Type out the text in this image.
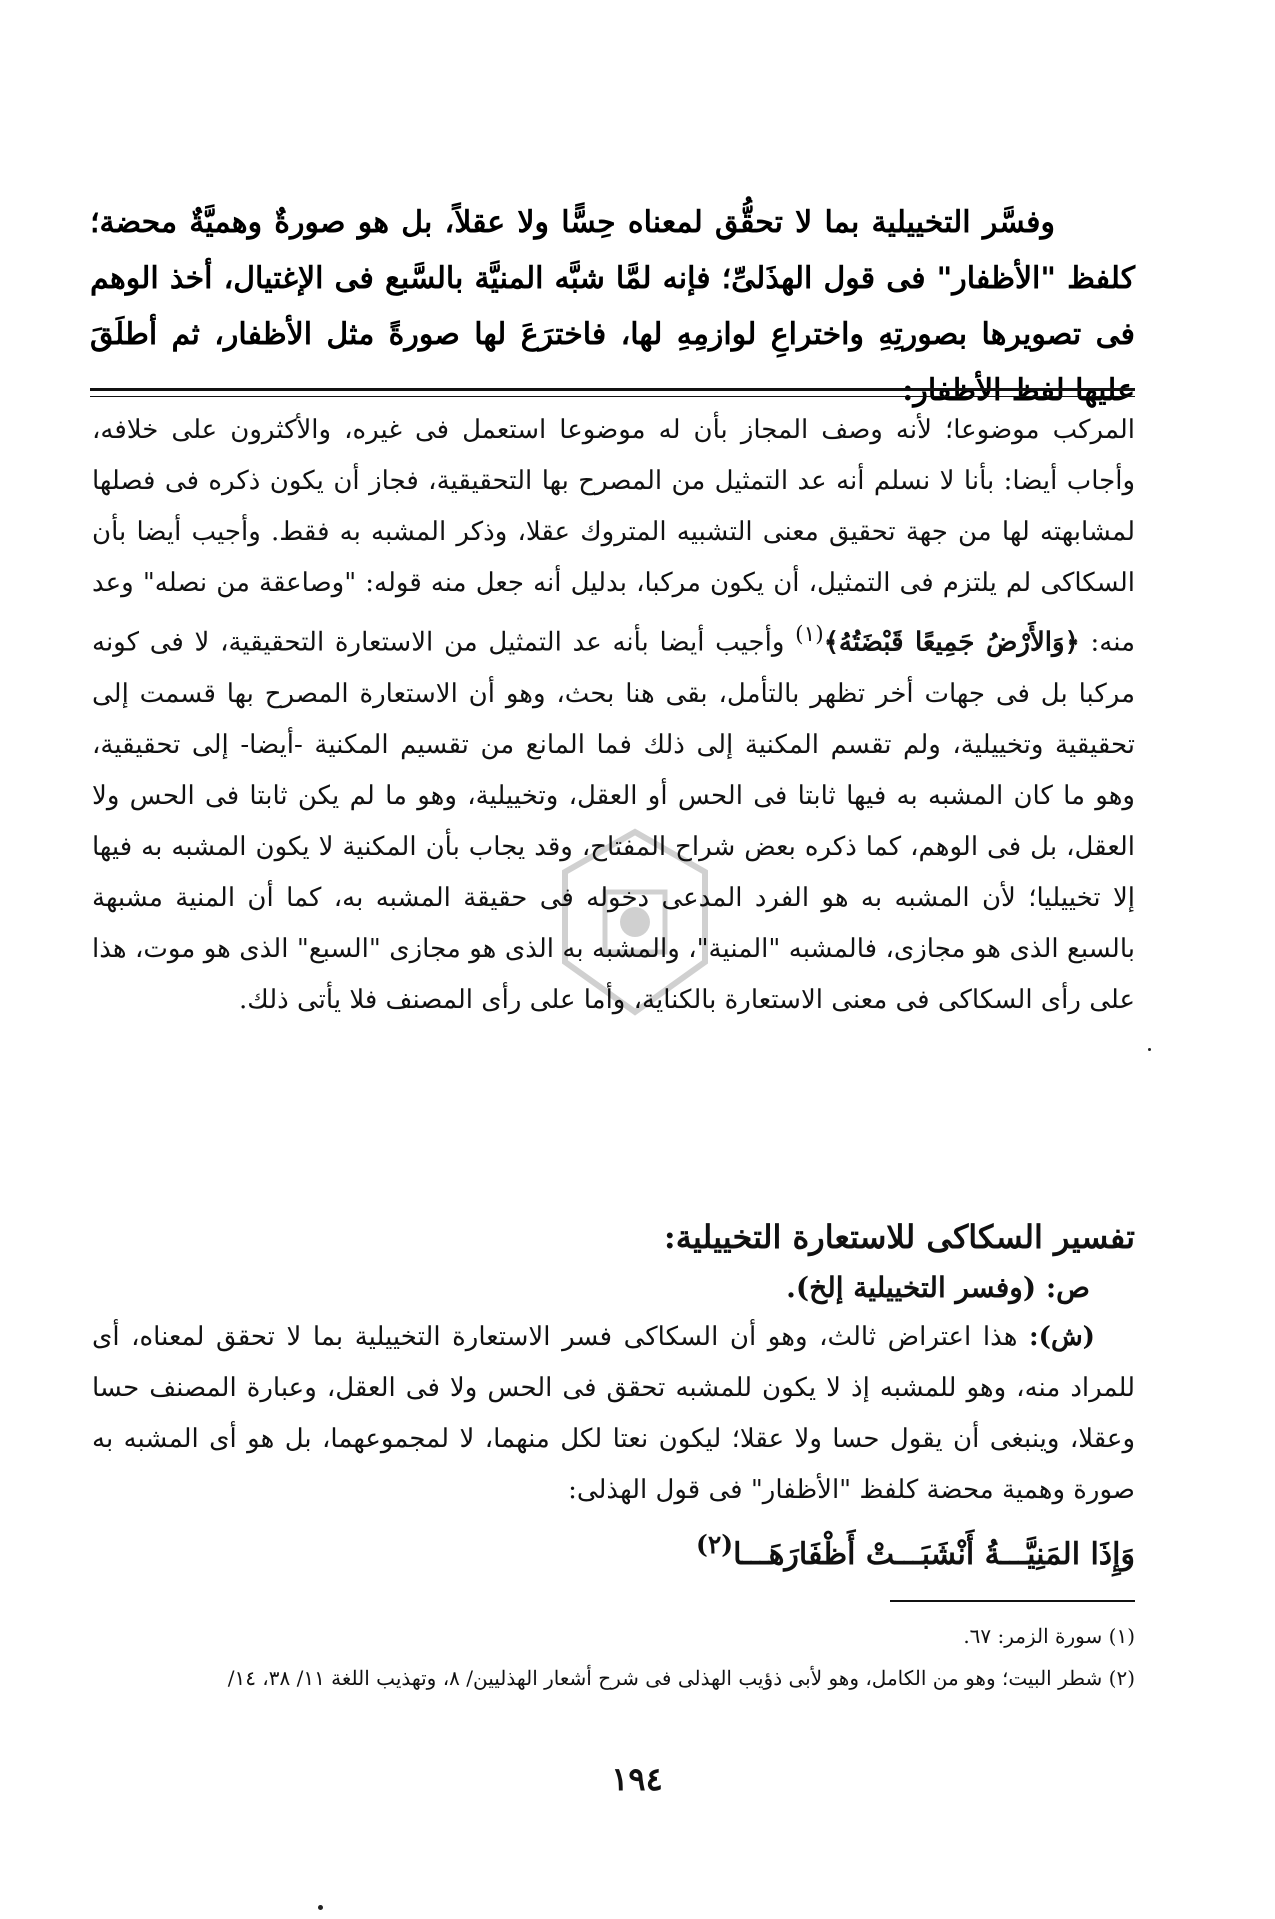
وفسَّر التخييلية بما لا تحقُّق لمعناه حِسًّا ولا عقلاً، بل هو صورةٌ وهميَّةٌ محضة؛ كلفظ "الأظفار" فى قول الهذَلىِّ؛ فإنه لمَّا شبَّه المنيَّة بالسَّبع فى الإغتيال، أخذ الوهم فى تصويرها بصورتِهِ واختراعِ لوازمِهِ لها، فاخترَعَ لها صورةً مثل الأظفار، ثم أطلَقَ عليها لفظ الأظفار:

المركب موضوعا؛ لأنه وصف المجاز بأن له موضوعا استعمل فى غيره، والأكثرون على خلافه، وأجاب أيضا: بأنا لا نسلم أنه عد التمثيل من المصرح بها التحقيقية، فجاز أن يكون ذكره فى فصلها لمشابهته لها من جهة تحقيق معنى التشبيه المتروك عقلا، وذكر المشبه به فقط. وأجيب أيضا بأن السكاكى لم يلتزم فى التمثيل، أن يكون مركبا، بدليل أنه جعل منه قوله: "وصاعقة من نصله" وعد منه: ﴿وَالأَرْضُ جَمِيعًا قَبْضَتُهُ﴾$^{(١)}$ وأجيب أيضا بأنه عد التمثيل من الاستعارة التحقيقية، لا فى كونه مركبا بل فى جهات أخر تظهر بالتأمل، بقى هنا بحث، وهو أن الاستعارة المصرح بها قسمت إلى تحقيقية وتخييلية، ولم تقسم المكنية إلى ذلك فما المانع من تقسيم المكنية -أيضا- إلى تحقيقية، وهو ما كان المشبه به فيها ثابتا فى الحس أو العقل، وتخييلية، وهو ما لم يكن ثابتا فى الحس ولا العقل، بل فى الوهم، كما ذكره بعض شراح المفتاح، وقد يجاب بأن المكنية لا يكون المشبه به فيها إلا تخييليا؛ لأن المشبه به هو الفرد المدعى دخوله فى حقيقة المشبه به، كما أن المنية مشبهة بالسبع الذى هو مجازى، فالمشبه "المنية"، والمشبه به الذى هو مجازى "السبع" الذى هو موت، هذا على رأى السكاكى فى معنى الاستعارة بالكناية، وأما على رأى المصنف فلا يأتى ذلك.

تفسير السكاكى للاستعارة التخييلية:
ص: (وفسر التخييلية إلخ).

(ش): هذا اعتراض ثالث، وهو أن السكاكى فسر الاستعارة التخييلية بما لا تحقق لمعناه، أى للمراد منه، وهو للمشبه إذ لا يكون للمشبه تحقق فى الحس ولا فى العقل، وعبارة المصنف حسا وعقلا، وينبغى أن يقول حسا ولا عقلا؛ ليكون نعتا لكل منهما، لا لمجموعهما، بل هو أى المشبه به صورة وهمية محضة كلفظ "الأظفار" فى قول الهذلى:

وَإِذَا المَنِيَّـــةُ أَنْشَبَـــتْ أَظْفَارَهَـــا$^{(٢)}$
(١) سورة الزمر: ٦٧.
(٢) شطر البيت؛ وهو من الكامل، وهو لأبى ذؤيب الهذلى فى شرح أشعار الهذليين/ ٨، وتهذيب اللغة ١١/ ٣٨، ١٤/
١٩٤
